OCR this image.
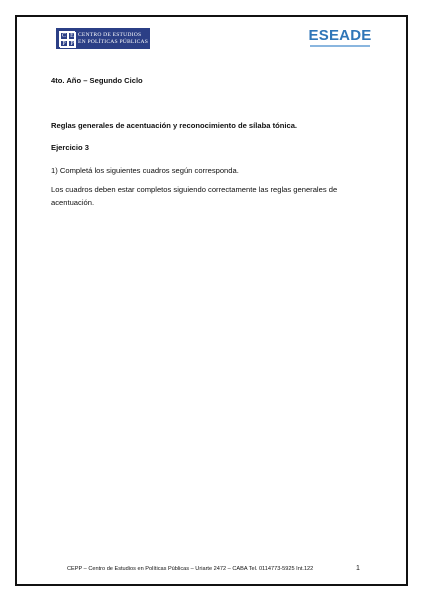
C E
P P
CENTRO DE ESTUDIOS
EN POLÍTICAS PÚBLICAS	ESEADE
4to. Año – Segundo Ciclo
Reglas generales de acentuación y reconocimiento de sílaba tónica.
Ejercicio 3
1) Completá los siguientes cuadros según corresponda.
Los cuadros deben estar completos siguiendo correctamente las reglas generales de acentuación.
CEPP – Centro de Estudios en Políticas Públicas – Uriarte 2472 – CABA Tel. 0114773-5925 Int.122	1
